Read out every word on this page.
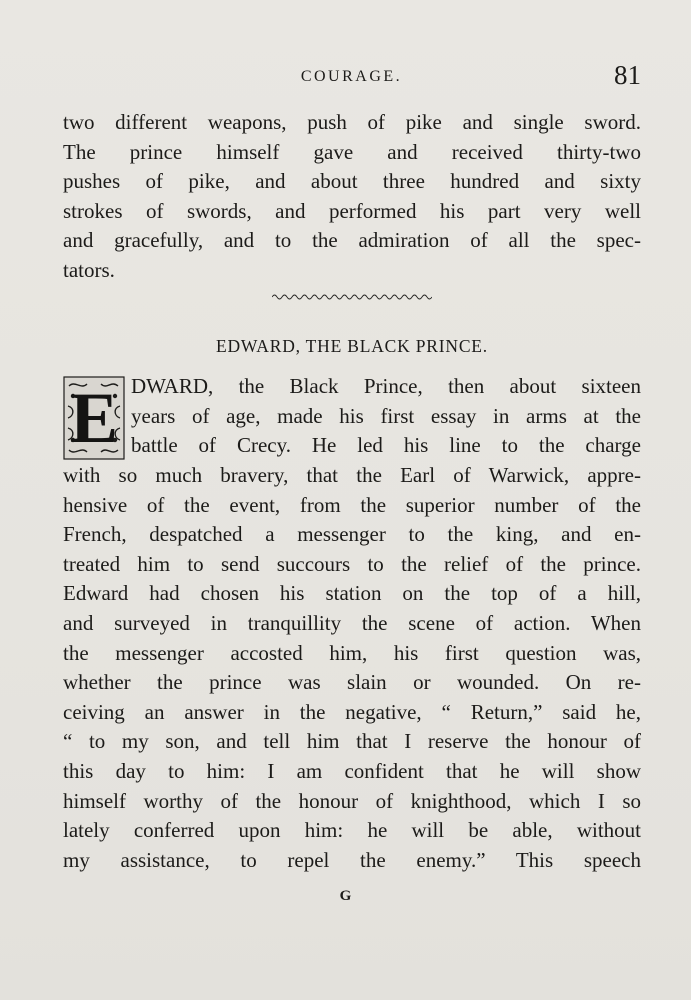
COURAGE.	81
two different weapons, push of pike and single sword.
The prince himself gave and received thirty-two
pushes of pike, and about three hundred and sixty
strokes of swords, and performed his part very well
and gracefully, and to the admiration of all the spec-
tators.
EDWARD, THE BLACK PRINCE.
E DWARD, the Black Prince, then about sixteen
years of age, made his first essay in arms at the
battle of Crecy. He led his line to the charge
with so much bravery, that the Earl of Warwick, appre-
hensive of the event, from the superior number of the
French, despatched a messenger to the king, and en-
treated him to send succours to the relief of the prince.
Edward had chosen his station on the top of a hill,
and surveyed in tranquillity the scene of action. When
the messenger accosted him, his first question was,
whether the prince was slain or wounded. On re-
ceiving an answer in the negative, “ Return,” said he,
“ to my son, and tell him that I reserve the honour of
this day to him: I am confident that he will show
himself worthy of the honour of knighthood, which I so
lately conferred upon him: he will be able, without
my assistance, to repel the enemy.” This speech
G
